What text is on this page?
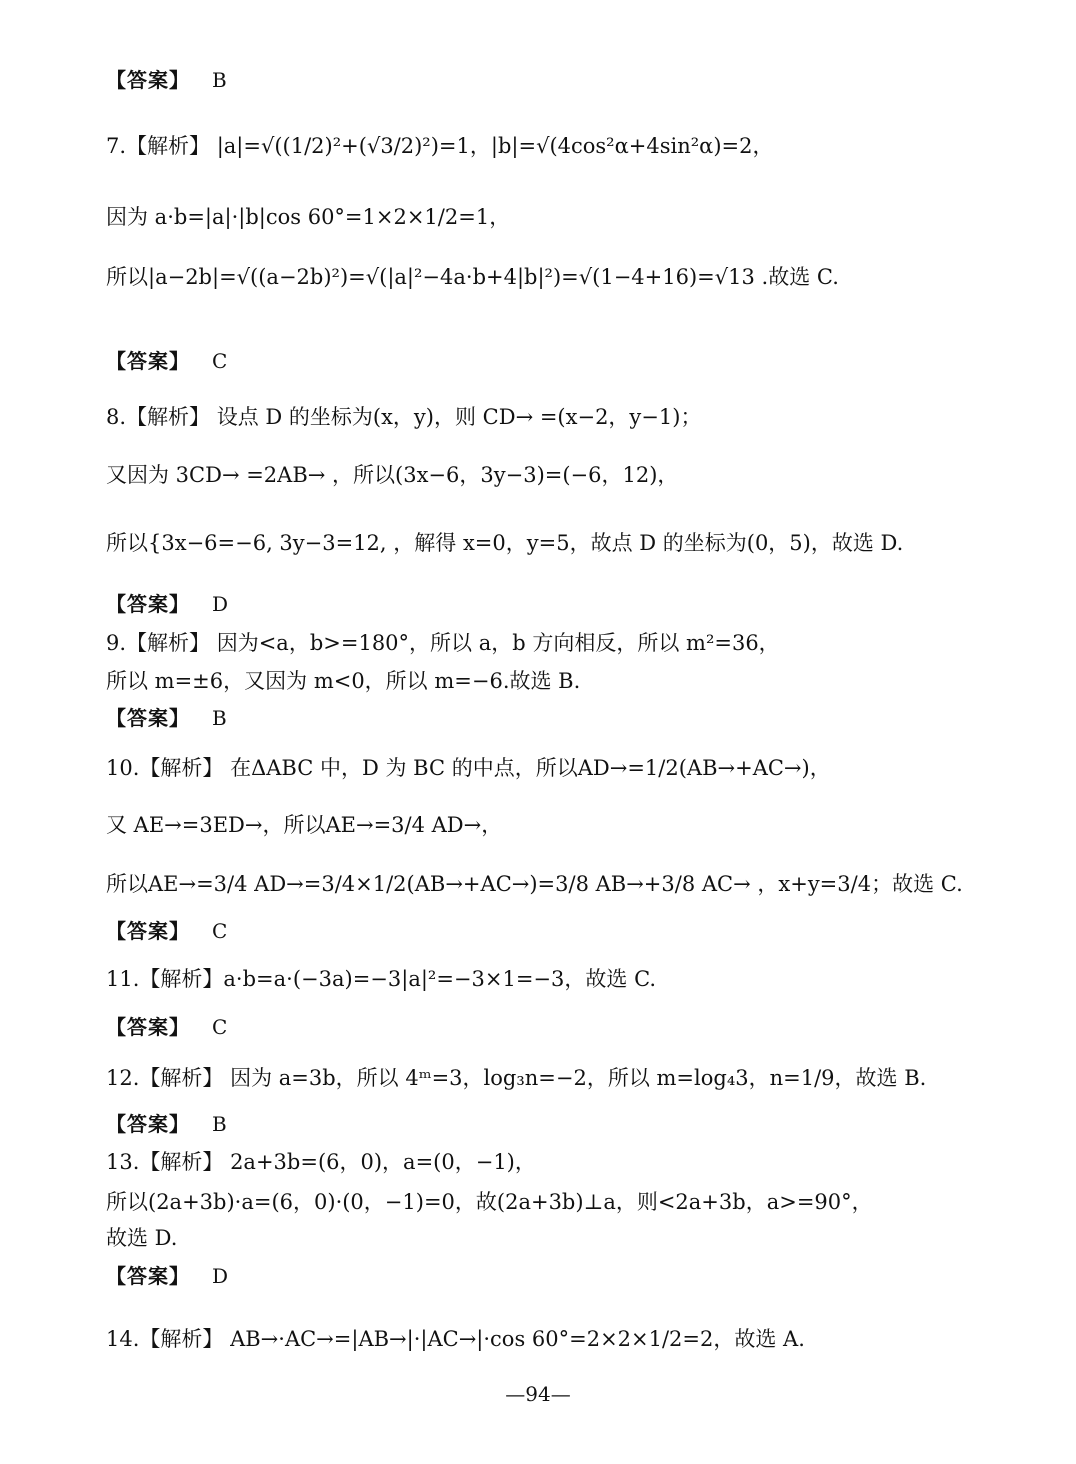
【答案】 B
7.【解析】 |a|=√((1/2)²+(√3/2)²)=1，|b|=√(4cos²α+4sin²α)=2，
因为 a·b=|a|·|b|cos 60°=1×2×1/2=1，
所以|a−2b|=√((a−2b)²)=√(|a|²−4a·b+4|b|²)=√(1−4+16)=√13 .故选 C.
【答案】 C
8.【解析】 设点 D 的坐标为(x，y)，则 CD→ =(x−2，y−1)；
又因为 3CD→ =2AB→ ，所以(3x−6，3y−3)=(−6，12)，
所以{3x−6=−6, 3y−3=12, ，解得 x=0，y=5，故点 D 的坐标为(0，5)，故选 D.
【答案】 D
9.【解析】 因为<a，b>=180°，所以 a，b 方向相反，所以 m²=36，
所以 m=±6，又因为 m<0，所以 m=−6.故选 B.
【答案】 B
10.【解析】 在ΔABC 中，D 为 BC 的中点，所以AD→=1/2(AB→+AC→)，
又 AE→=3ED→，所以AE→=3/4 AD→，
所以AE→=3/4 AD→=3/4×1/2(AB→+AC→)=3/8 AB→+3/8 AC→ ，x+y=3/4；故选 C.
【答案】 C
11.【解析】a·b=a·(−3a)=−3|a|²=−3×1=−3，故选 C.
【答案】 C
12.【解析】 因为 a=3b，所以 4ᵐ=3，log₃n=−2，所以 m=log₄3，n=1/9，故选 B.
【答案】 B
13.【解析】 2a+3b=(6，0)，a=(0，−1)，
所以(2a+3b)·a=(6，0)·(0，−1)=0，故(2a+3b)⊥a，则<2a+3b，a>=90°，
故选 D.
【答案】 D
14.【解析】 AB→·AC→=|AB→|·|AC→|·cos 60°=2×2×1/2=2，故选 A.
—94—
